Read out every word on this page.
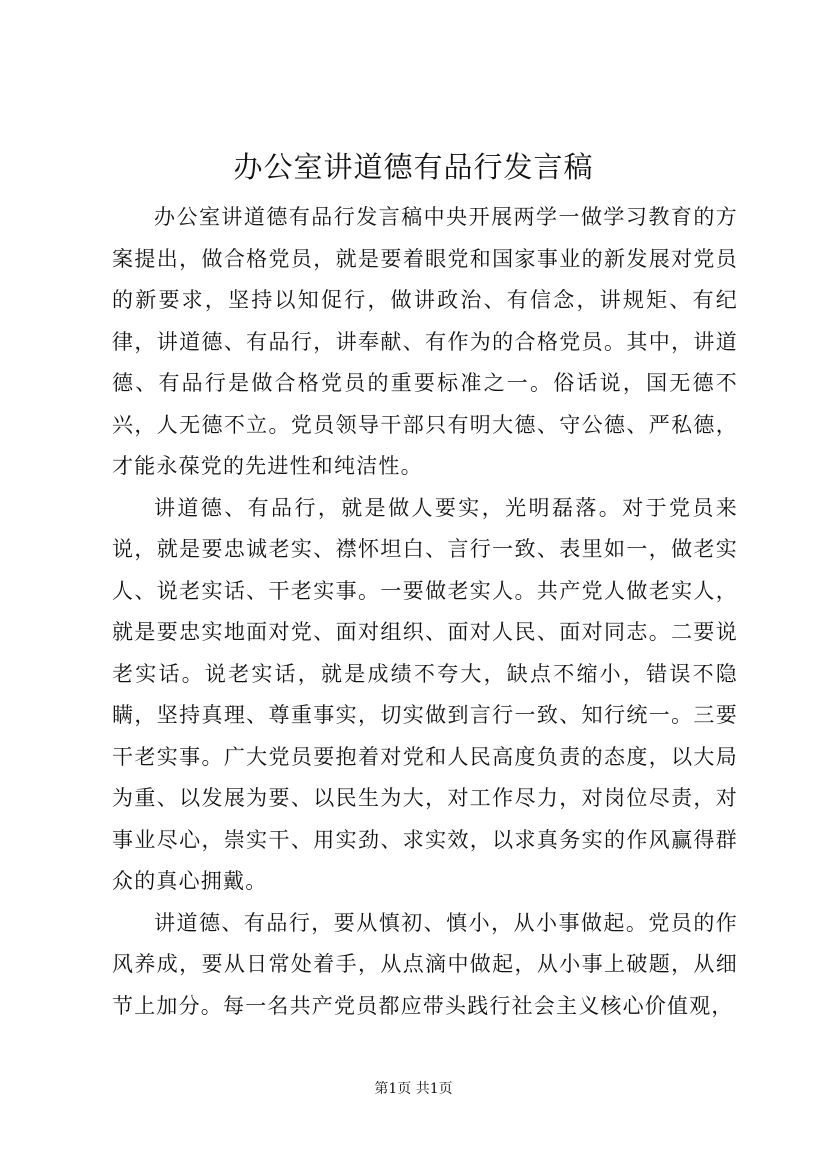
办公室讲道德有品行发言稿

办公室讲道德有品行发言稿中央开展两学一做学习教育的方案提出，做合格党员，就是要着眼党和国家事业的新发展对党员的新要求，坚持以知促行，做讲政治、有信念，讲规矩、有纪律，讲道德、有品行，讲奉献、有作为的合格党员。其中，讲道德、有品行是做合格党员的重要标准之一。俗话说，国无德不兴，人无德不立。党员领导干部只有明大德、守公德、严私德，才能永葆党的先进性和纯洁性。

讲道德、有品行，就是做人要实，光明磊落。对于党员来说，就是要忠诚老实、襟怀坦白、言行一致、表里如一，做老实人、说老实话、干老实事。一要做老实人。共产党人做老实人，就是要忠实地面对党、面对组织、面对人民、面对同志。二要说老实话。说老实话，就是成绩不夸大，缺点不缩小，错误不隐瞒，坚持真理、尊重事实，切实做到言行一致、知行统一。三要干老实事。广大党员要抱着对党和人民高度负责的态度，以大局为重、以发展为要、以民生为大，对工作尽力，对岗位尽责，对事业尽心，崇实干、用实劲、求实效，以求真务实的作风赢得群众的真心拥戴。

讲道德、有品行，要从慎初、慎小，从小事做起。党员的作风养成，要从日常处着手，从点滴中做起，从小事上破题，从细节上加分。每一名共产党员都应带头践行社会主义核心价值观，

第1页 共1页
